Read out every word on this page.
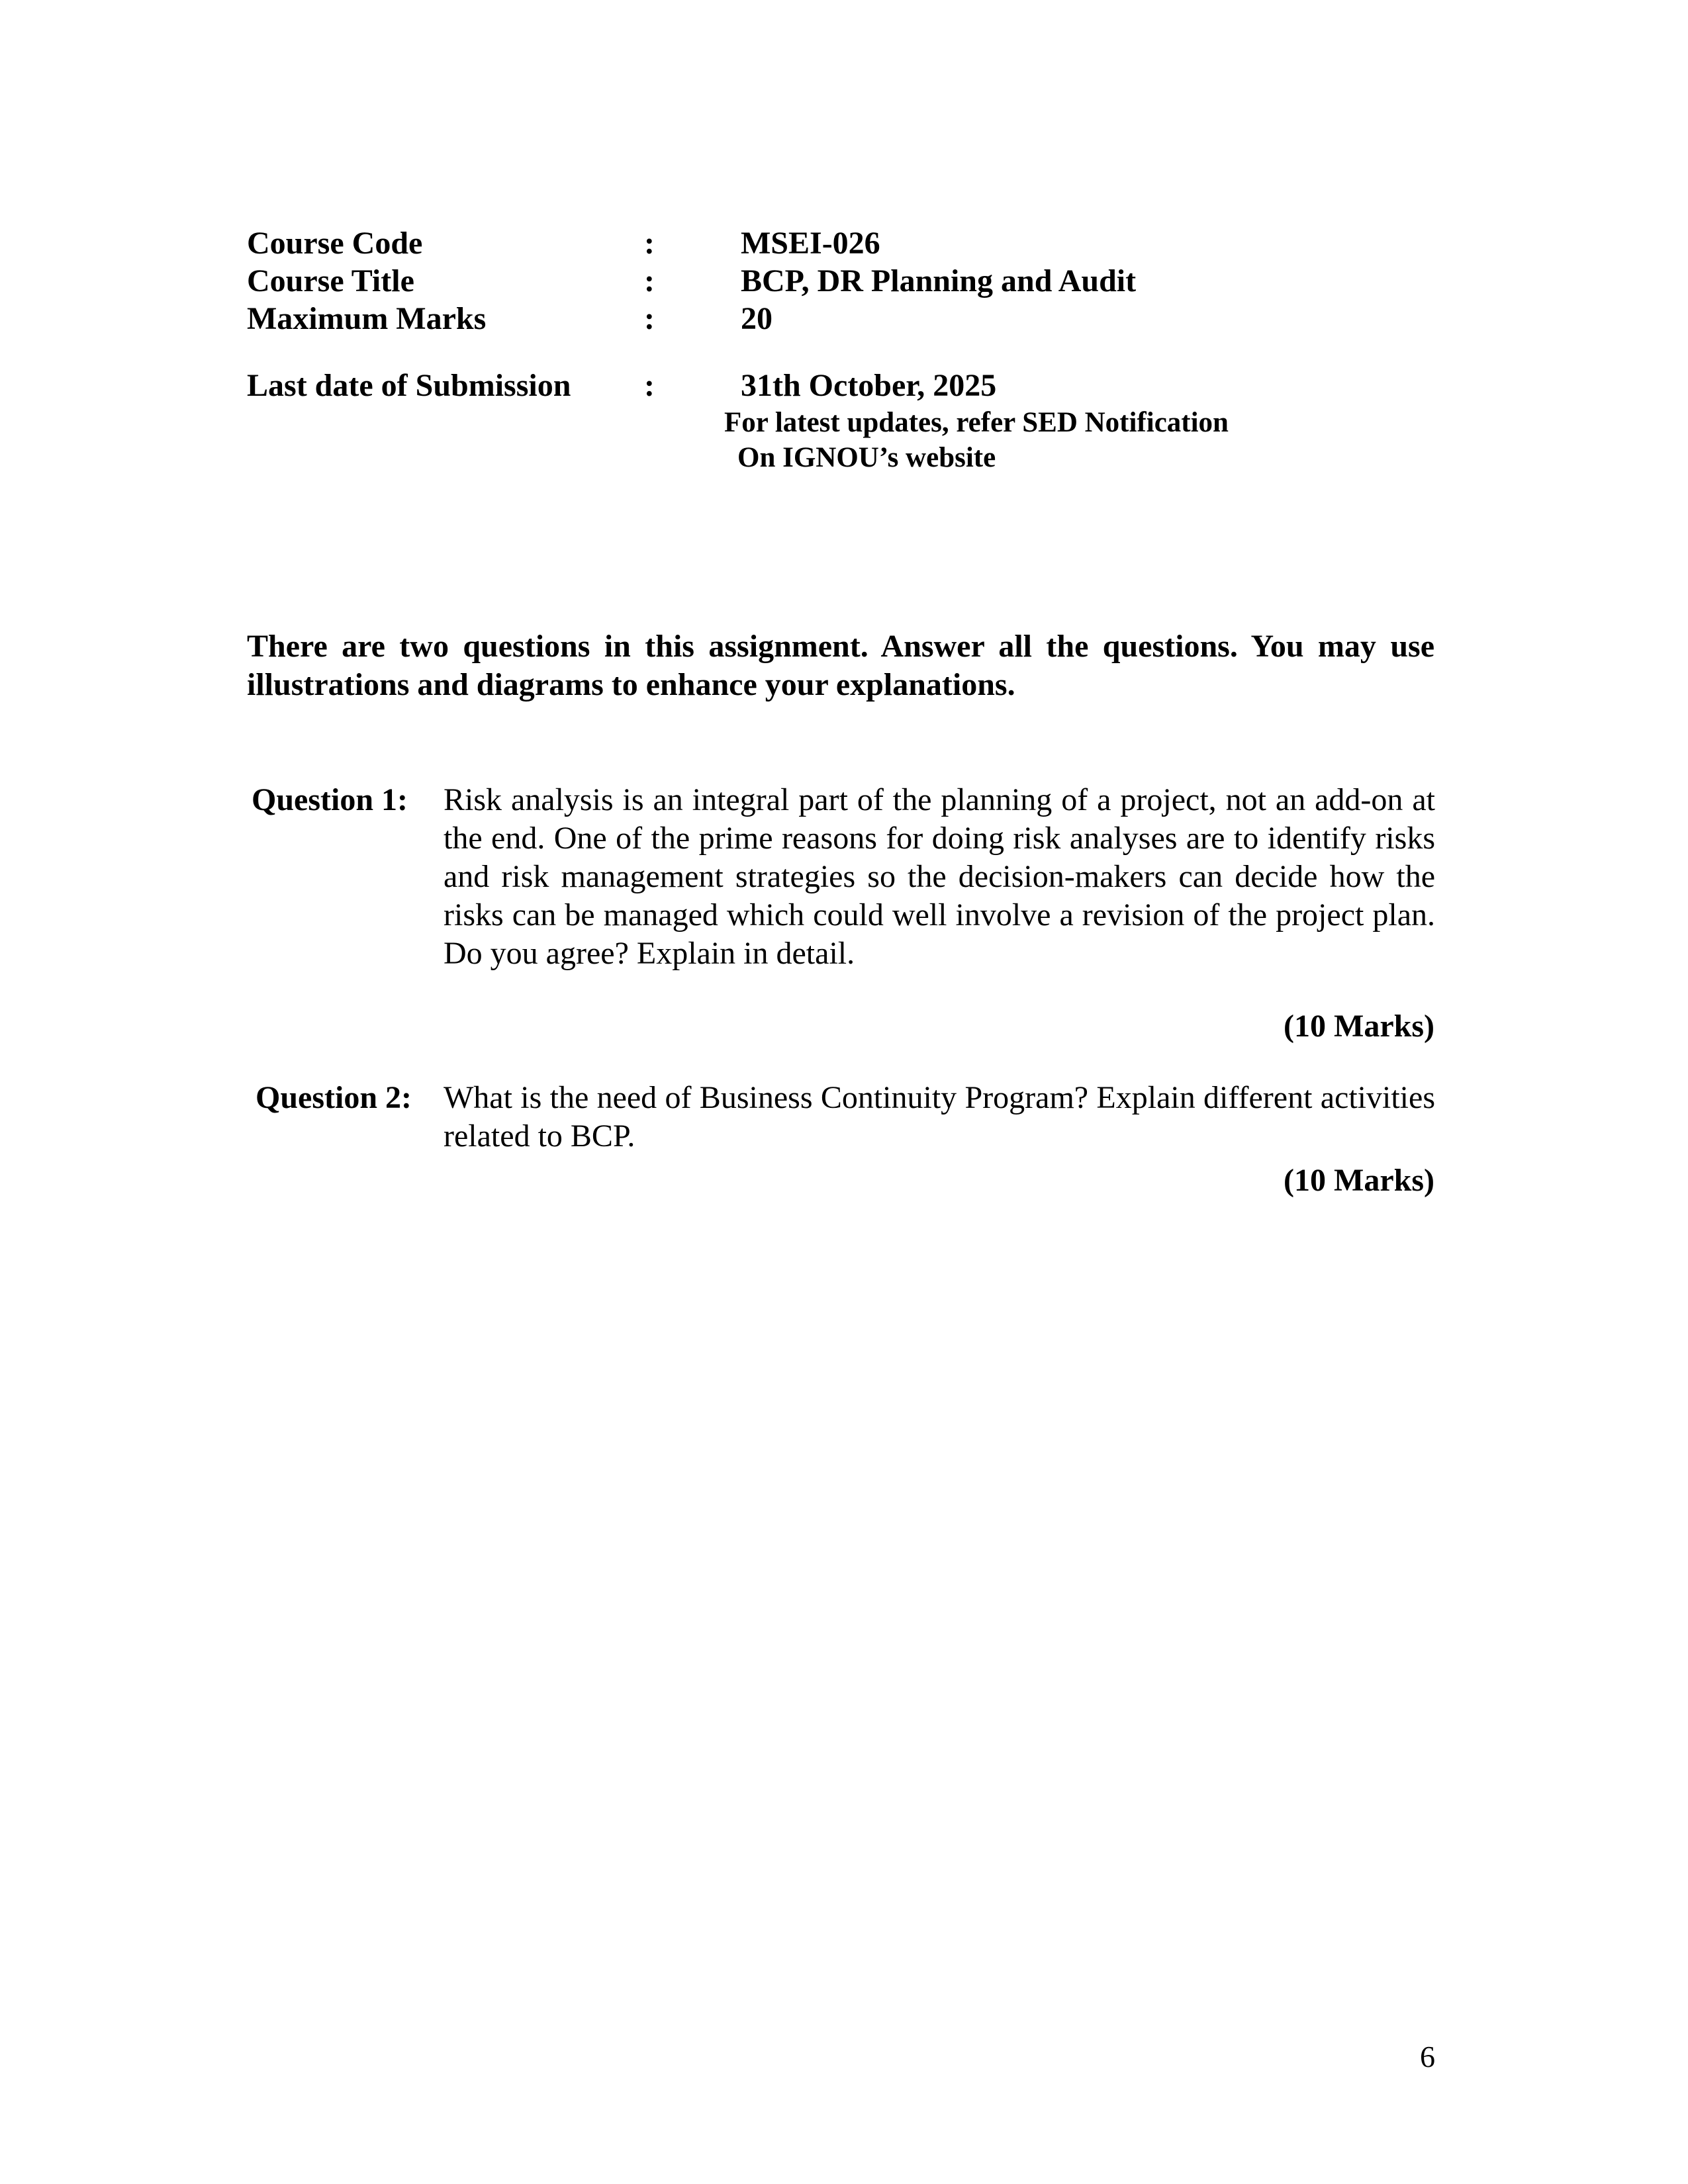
Course Code	:	MSEI-026
Course Title	:	BCP, DR Planning and Audit
Maximum Marks	:	20
Last date of Submission :	31th October, 2025
For latest updates, refer SED Notification
On IGNOU’s website
There are two questions in this assignment. Answer all the questions. You may use illustrations and diagrams to enhance your explanations.
Question 1: Risk analysis is an integral part of the planning of a project, not an add-on at the end. One of the prime reasons for doing risk analyses are to identify risks and risk management strategies so the decision-makers can decide how the risks can be managed which could well involve a revision of the project plan. Do you agree? Explain in detail.
(10 Marks)
Question 2: What is the need of Business Continuity Program? Explain different activities related to BCP.
(10 Marks)
6
